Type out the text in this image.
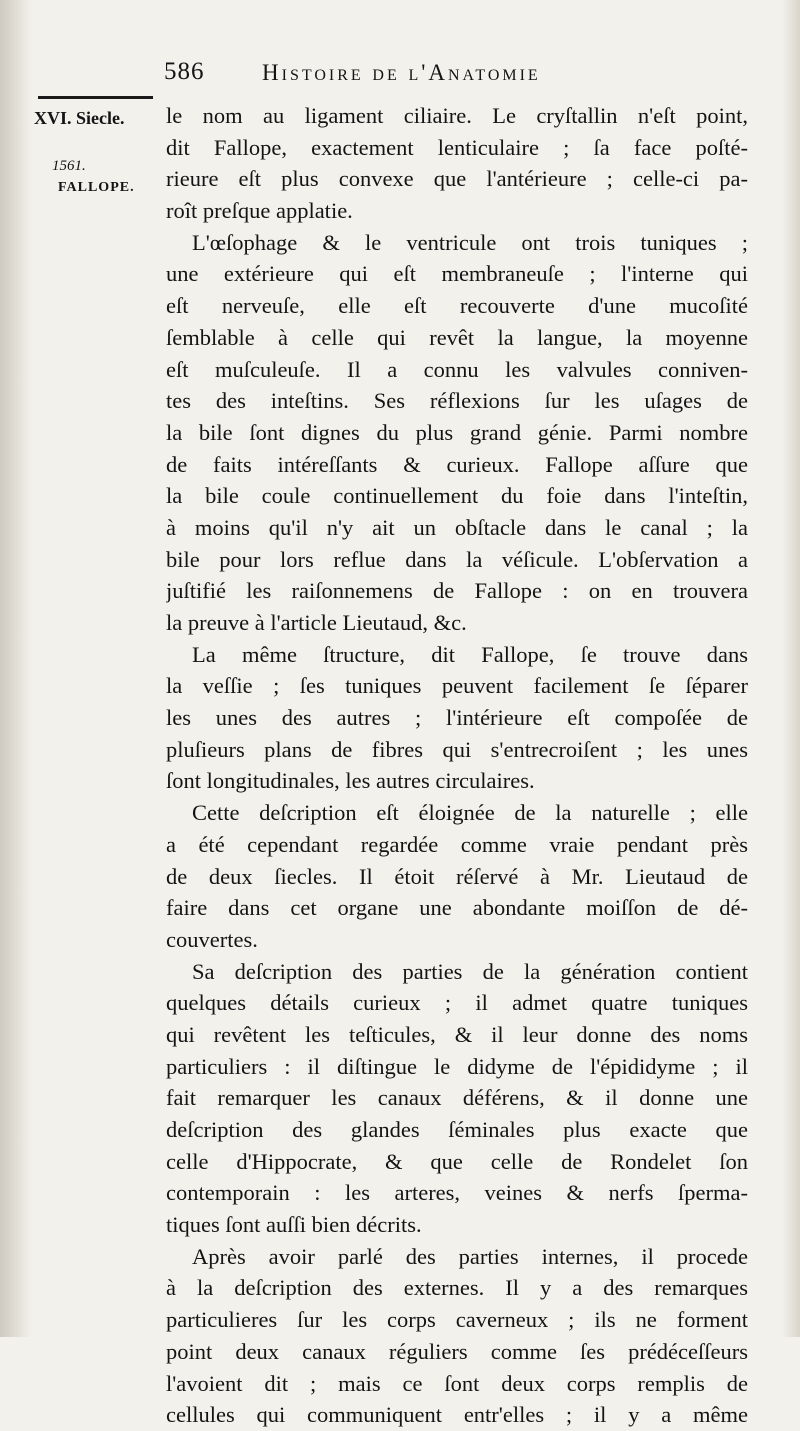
586	Histoire de l'Anatomie
XVI. Siecle.
1561.
FALLOPE.
le nom au ligament ciliaire. Le cryſtallin n'eſt point,
dit Fallope, exactement lenticulaire ; ſa face poſté-
rieure eſt plus convexe que l'antérieure ; celle-ci pa-
roît preſque applatie.
L'œſophage & le ventricule ont trois tuniques ;
une extérieure qui eſt membraneuſe ; l'interne qui
eſt nerveuſe, elle eſt recouverte d'une mucoſité
ſemblable à celle qui revêt la langue, la moyenne
eſt muſculeuſe. Il a connu les valvules conniven-
tes des inteſtins. Ses réflexions ſur les uſages de
la bile ſont dignes du plus grand génie. Parmi nombre
de faits intéreſſants & curieux. Fallope aſſure que
la bile coule continuellement du foie dans l'inteſtin,
à moins qu'il n'y ait un obſtacle dans le canal ; la
bile pour lors reflue dans la véſicule. L'obſervation a
juſtifié les raiſonnemens de Fallope : on en trouvera
la preuve à l'article Lieutaud, &c.
La même ſtructure, dit Fallope, ſe trouve dans
la veſſie ; ſes tuniques peuvent facilement ſe ſéparer
les unes des autres ; l'intérieure eſt compoſée de
pluſieurs plans de fibres qui s'entrecroiſent ; les unes
ſont longitudinales, les autres circulaires.
Cette deſcription eſt éloignée de la naturelle ; elle
a été cependant regardée comme vraie pendant près
de deux ſiecles. Il étoit réſervé à Mr. Lieutaud de
faire dans cet organe une abondante moiſſon de dé-
couvertes.
Sa deſcription des parties de la génération contient
quelques détails curieux ; il admet quatre tuniques
qui revêtent les teſticules, & il leur donne des noms
particuliers : il diſtingue le didyme de l'épididyme ; il
fait remarquer les canaux déférens, & il donne une
deſcription des glandes ſéminales plus exacte que
celle d'Hippocrate, & que celle de Rondelet ſon
contemporain : les arteres, veines & nerfs ſperma-
tiques ſont auſſi bien décrits.
Après avoir parlé des parties internes, il procede
à la deſcription des externes. Il y a des remarques
particulieres ſur les corps caverneux ; ils ne forment
point deux canaux réguliers comme ſes prédéceſſeurs
l'avoient dit ; mais ce ſont deux corps remplis de
cellules qui communiquent entr'elles ; il y a même
